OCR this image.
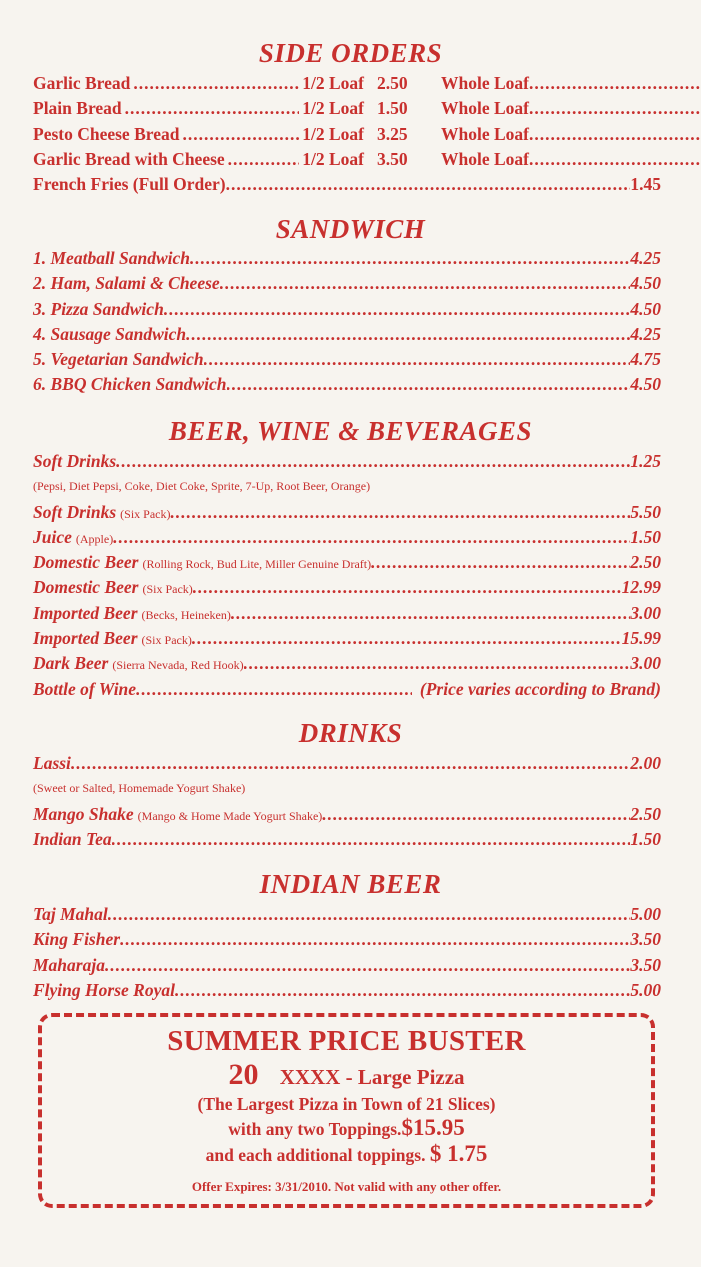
SIDE ORDERS
Garlic Bread .....	1/2 Loaf 2.50	Whole Loaf
.....
Plain Bread .....	1/2 Loaf 1.50	Whole Loaf
.....
Pesto Cheese Bread .....	1/2 Loaf 3.25	Whole Loaf
.....
Garlic Bread with Cheese .....	1/2 Loaf 3.50	Whole Loaf
.....
French Fries (Full Order) .....	1.45
SANDWICH
1. Meatball Sandwich .....	4.25
2. Ham, Salami & Cheese .....	4.50
3. Pizza Sandwich .....	4.50
4. Sausage Sandwich .....	4.25
5. Vegetarian Sandwich .....	4.75
6. BBQ Chicken Sandwich .....	4.50
BEER, WINE & BEVERAGES
Soft Drinks .....	1.25
(Pepsi, Diet Pepsi, Coke, Diet Coke, Sprite, 7-Up, Root Beer, Orange)
Soft Drinks (Six Pack) .....	5.50
Juice (Apple) .....	1.50
Domestic Beer (Rolling Rock, Bud Lite, Miller Genuine Draft) .....	2.50
Domestic Beer (Six Pack) .....	12.99
Imported Beer (Becks, Heineken) .....	3.00
Imported Beer (Six Pack) .....	15.99
Dark Beer (Sierra Nevada, Red Hook) .....	3.00
Bottle of Wine .....	(Price varies according to Brand)
DRINKS
Lassi .....	2.00
(Sweet or Salted, Homemade Yogurt Shake)
Mango Shake (Mango & Home Made Yogurt Shake) .....	2.50
Indian Tea .....	1.50
INDIAN BEER
Taj Mahal .....	5.00
King Fisher .....	3.50
Maharaja .....	3.50
Flying Horse Royal .....	5.00
SUMMER PRICE BUSTER
20 XXXX - Large Pizza
(The Largest Pizza in Town of 21 Slices)
with any two Toppings.$15.95
and each additional toppings. $ 1.75
Offer Expires: 3/31/2010. Not valid with any other offer.
